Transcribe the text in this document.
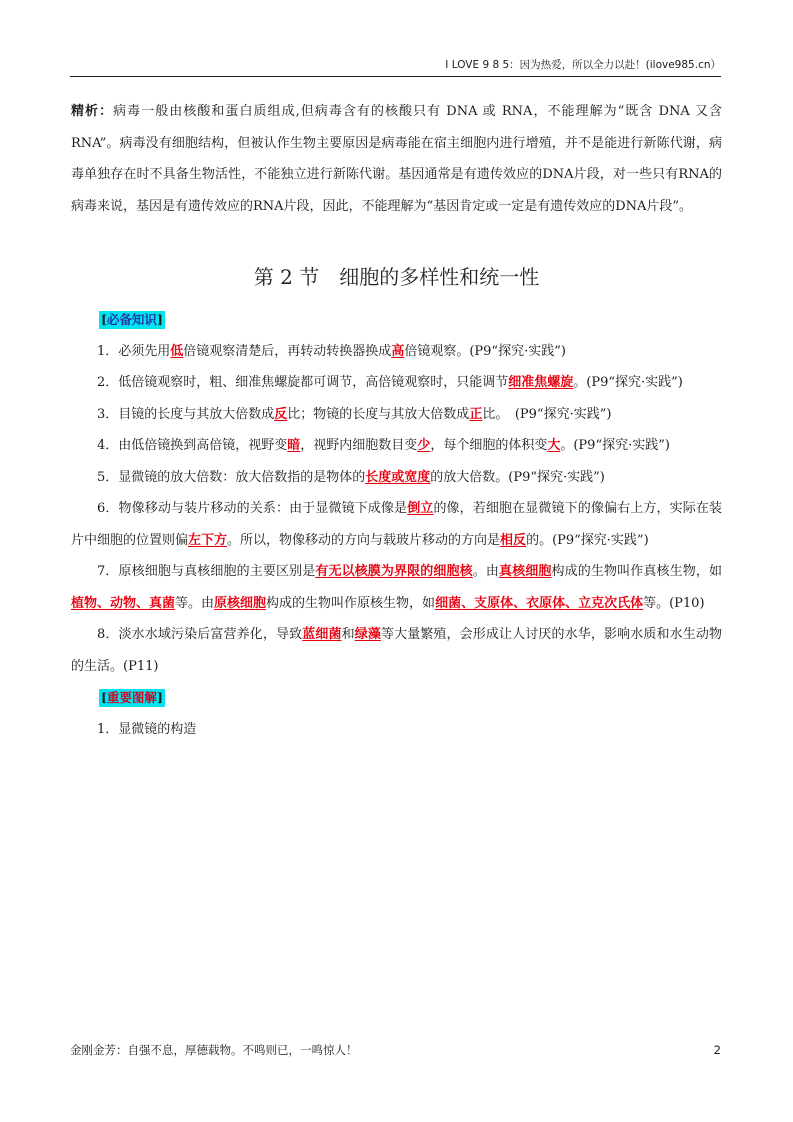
I LOVE 9 8 5：因为热爱，所以全力以赴！(ilove985.cn）

精析：病毒一般由核酸和蛋白质组成,但病毒含有的核酸只有 DNA 或 RNA，不能理解为“既含 DNA 又含 RNA”。病毒没有细胞结构，但被认作生物主要原因是病毒能在宿主细胞内进行增殖，并不是能进行新陈代谢，病毒单独存在时不具备生物活性，不能独立进行新陈代谢。基因通常是有遗传效应的DNA片段，对一些只有RNA的病毒来说，基因是有遗传效应的RNA片段，因此，不能理解为“基因肯定或一定是有遗传效应的DNA片段”。

第 2 节　细胞的多样性和统一性
[必备知识]

1．必须先用低倍镜观察清楚后，再转动转换器换成高倍镜观察。(P9“探究·实践”)

2．低倍镜观察时，粗、细准焦螺旋都可调节，高倍镜观察时，只能调节细准焦螺旋。(P9“探究·实践”)

3．目镜的长度与其放大倍数成反比；物镜的长度与其放大倍数成正比。　(P9“探究·实践”)

4．由低倍镜换到高倍镜，视野变暗，视野内细胞数目变少，每个细胞的体积变大。(P9“探究·实践”)

5．显微镜的放大倍数：放大倍数指的是物体的长度或宽度的放大倍数。(P9“探究·实践”)

6．物像移动与装片移动的关系：由于显微镜下成像是倒立的像，若细胞在显微镜下的像偏右上方，实际在装片中细胞的位置则偏左下方。所以，物像移动的方向与载玻片移动的方向是相反的。(P9“探究·实践”)

7．原核细胞与真核细胞的主要区别是有无以核膜为界限的细胞核。由真核细胞构成的生物叫作真核生物，如植物、动物、真菌等。由原核细胞构成的生物叫作原核生物，如细菌、支原体、衣原体、立克次氏体等。(P10)

8．淡水水域污染后富营养化，导致蓝细菌和绿藻等大量繁殖，会形成让人讨厌的水华，影响水质和水生动物的生活。(P11)

[重要图解]

1．显微镜的构造

金刚金芳：自强不息，厚德载物。不鸣则已，一鸣惊人！	2
